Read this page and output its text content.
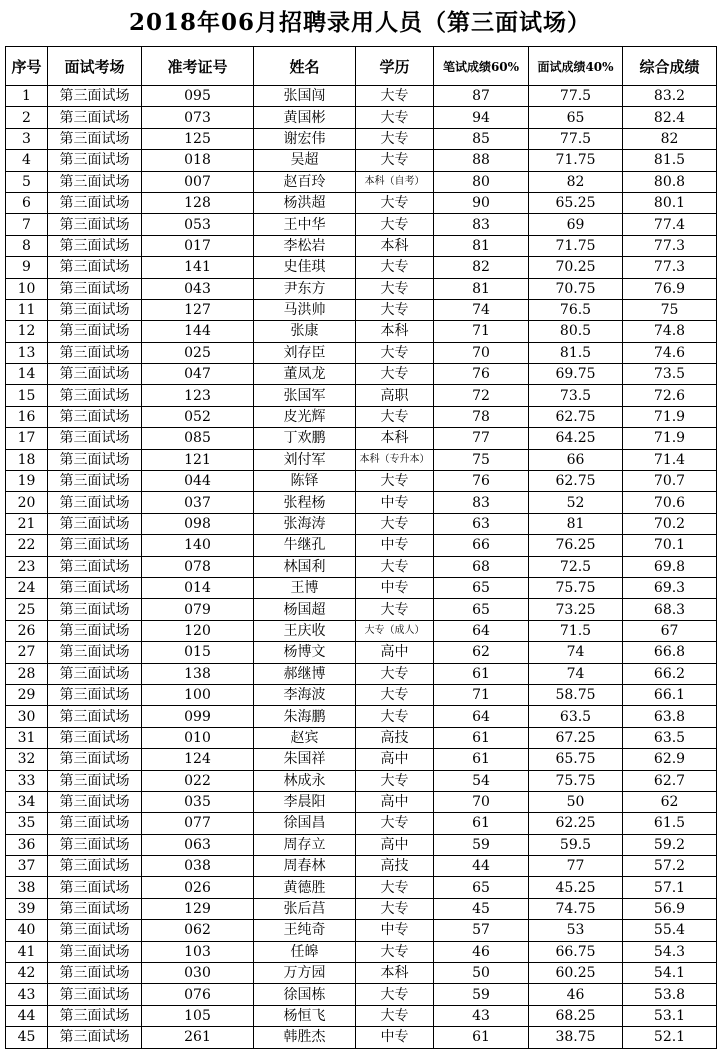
2018年06月招聘录用人员（第三面试场）
序号	面试考场	准考证号	姓名	学历	笔试成绩60%	面试成绩40%	综合成绩
1	第三面试场	095	张国闯	大专	87	77.5	83.2
2	第三面试场	073	黄国彬	大专	94	65	82.4
3	第三面试场	125	谢宏伟	大专	85	77.5	82
4	第三面试场	018	吴超	大专	88	71.75	81.5
5	第三面试场	007	赵百玲	本科（自考）	80	82	80.8
6	第三面试场	128	杨洪超	大专	90	65.25	80.1
7	第三面试场	053	王中华	大专	83	69	77.4
8	第三面试场	017	李松岩	本科	81	71.75	77.3
9	第三面试场	141	史佳琪	大专	82	70.25	77.3
10	第三面试场	043	尹东方	大专	81	70.75	76.9
11	第三面试场	127	马洪帅	大专	74	76.5	75
12	第三面试场	144	张康	本科	71	80.5	74.8
13	第三面试场	025	刘存臣	大专	70	81.5	74.6
14	第三面试场	047	董凤龙	大专	76	69.75	73.5
15	第三面试场	123	张国军	高职	72	73.5	72.6
16	第三面试场	052	皮光辉	大专	78	62.75	71.9
17	第三面试场	085	丁欢鹏	本科	77	64.25	71.9
18	第三面试场	121	刘付军	本科（专升本）	75	66	71.4
19	第三面试场	044	陈铎	大专	76	62.75	70.7
20	第三面试场	037	张程杨	中专	83	52	70.6
21	第三面试场	098	张海涛	大专	63	81	70.2
22	第三面试场	140	牛继孔	中专	66	76.25	70.1
23	第三面试场	078	林国利	大专	68	72.5	69.8
24	第三面试场	014	王博	中专	65	75.75	69.3
25	第三面试场	079	杨国超	大专	65	73.25	68.3
26	第三面试场	120	王庆收	大专（成人）	64	71.5	67
27	第三面试场	015	杨博文	高中	62	74	66.8
28	第三面试场	138	郝继博	大专	61	74	66.2
29	第三面试场	100	李海波	大专	71	58.75	66.1
30	第三面试场	099	朱海鹏	大专	64	63.5	63.8
31	第三面试场	010	赵宾	高技	61	67.25	63.5
32	第三面试场	124	朱国祥	高中	61	65.75	62.9
33	第三面试场	022	林成永	大专	54	75.75	62.7
34	第三面试场	035	李晨阳	高中	70	50	62
35	第三面试场	077	徐国昌	大专	61	62.25	61.5
36	第三面试场	063	周存立	高中	59	59.5	59.2
37	第三面试场	038	周春林	高技	44	77	57.2
38	第三面试场	026	黄德胜	大专	65	45.25	57.1
39	第三面试场	129	张后莒	大专	45	74.75	56.9
40	第三面试场	062	王纯奇	中专	57	53	55.4
41	第三面试场	103	任皞	大专	46	66.75	54.3
42	第三面试场	030	万方园	本科	50	60.25	54.1
43	第三面试场	076	徐国栋	大专	59	46	53.8
44	第三面试场	105	杨恒飞	大专	43	68.25	53.1
45	第三面试场	261	韩胜杰	中专	61	38.75	52.1
